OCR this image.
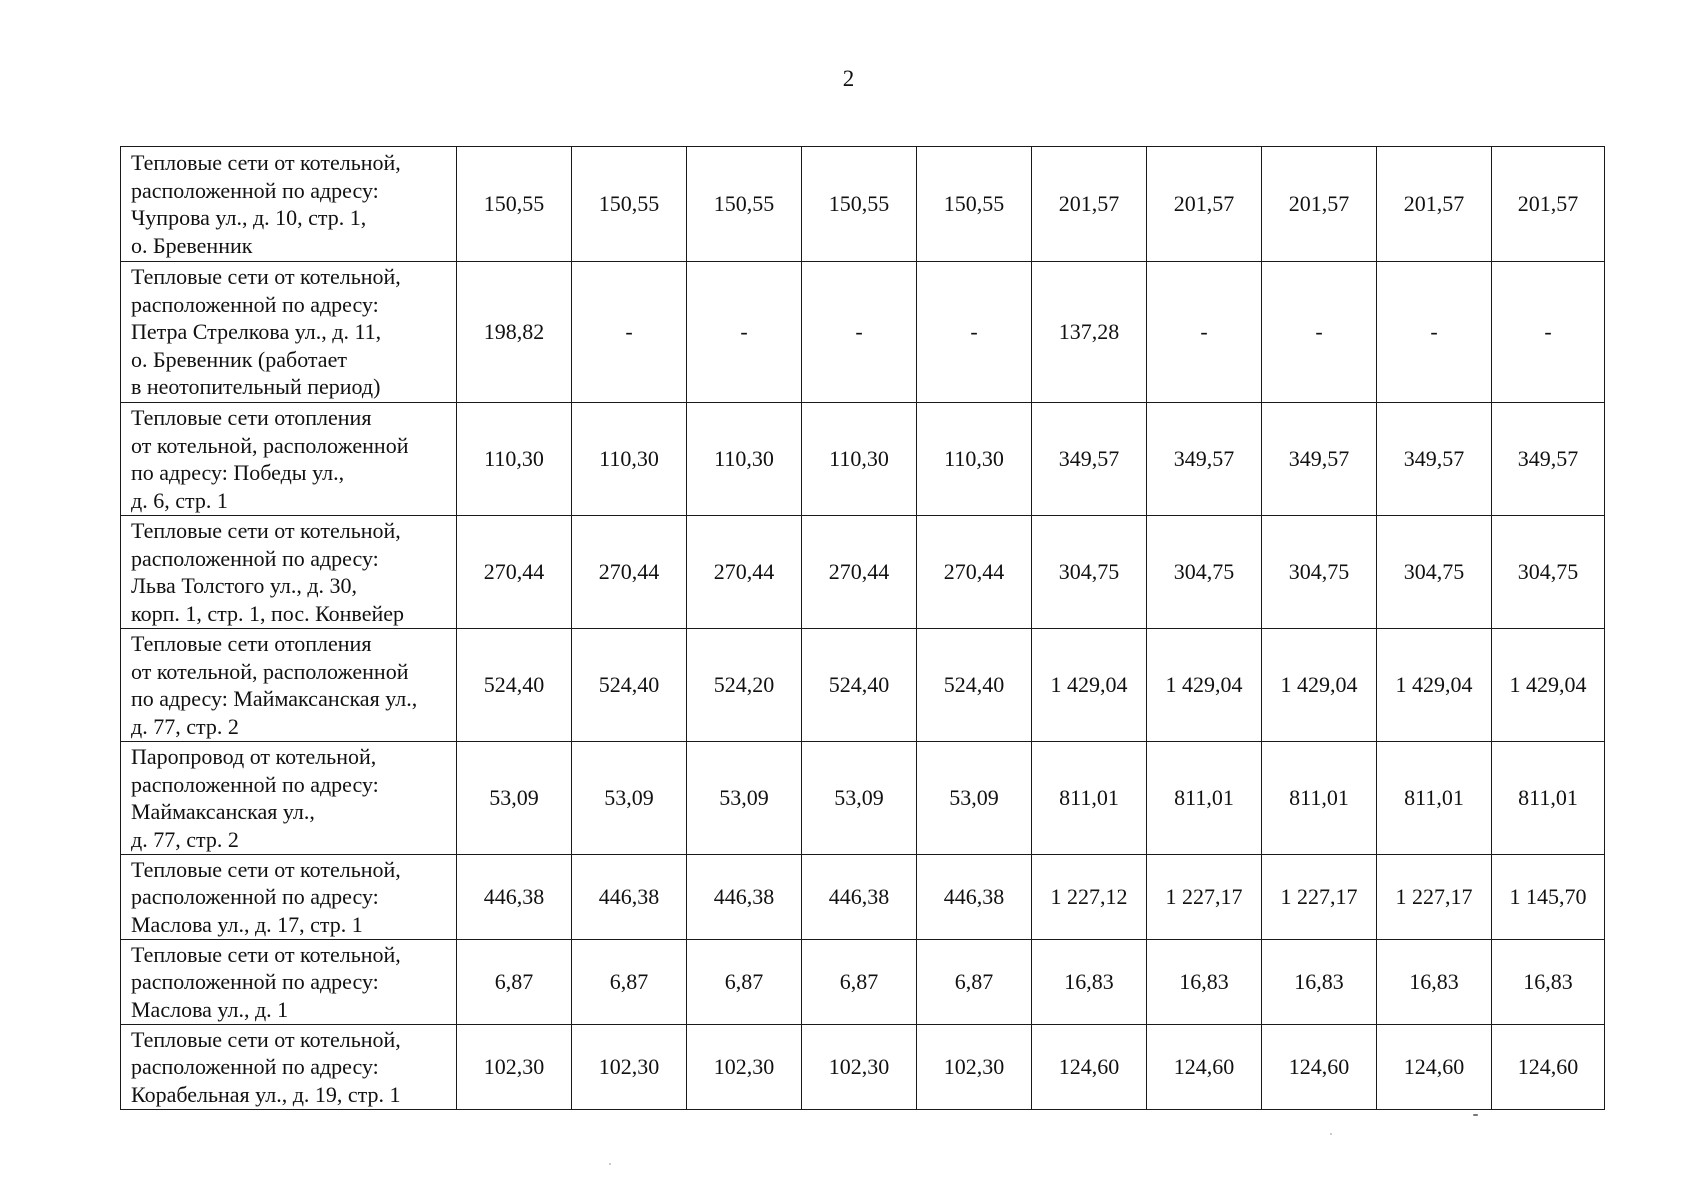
2
Тепловые сети от котельной,
расположенной по адресу:
Чупрова ул., д. 10, стр. 1,
о. Бревенник	150,55	150,55	150,55	150,55	150,55	201,57	201,57	201,57	201,57	201,57

Тепловые сети от котельной,
расположенной по адресу:
Петра Стрелкова ул., д. 11,
о. Бревенник (работает
в неотопительный период)	198,82	-	-	-	-	137,28	-	-	-	-

Тепловые сети отопления
от котельной, расположенной
по адресу: Победы ул.,
д. 6, стр. 1	110,30	110,30	110,30	110,30	110,30	349,57	349,57	349,57	349,57	349,57

Тепловые сети от котельной,
расположенной по адресу:
Льва Толстого ул., д. 30,
корп. 1, стр. 1, пос. Конвейер	270,44	270,44	270,44	270,44	270,44	304,75	304,75	304,75	304,75	304,75

Тепловые сети отопления
от котельной, расположенной
по адресу: Маймаксанская ул.,
д. 77, стр. 2	524,40	524,40	524,20	524,40	524,40	1 429,04	1 429,04	1 429,04	1 429,04	1 429,04

Паропровод от котельной,
расположенной по адресу:
Маймаксанская ул.,
д. 77, стр. 2	53,09	53,09	53,09	53,09	53,09	811,01	811,01	811,01	811,01	811,01

Тепловые сети от котельной,
расположенной по адресу:
Маслова ул., д. 17, стр. 1	446,38	446,38	446,38	446,38	446,38	1 227,12	1 227,17	1 227,17	1 227,17	1 145,70

Тепловые сети от котельной,
расположенной по адресу:
Маслова ул., д. 1	6,87	6,87	6,87	6,87	6,87	16,83	16,83	16,83	16,83	16,83

Тепловые сети от котельной,
расположенной по адресу:
Корабельная ул., д. 19, стр. 1	102,30	102,30	102,30	102,30	102,30	124,60	124,60	124,60	124,60	124,60
